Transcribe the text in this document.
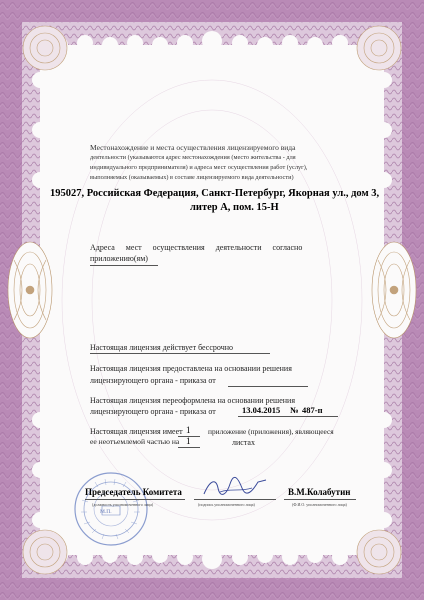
Местонахождение и места осуществления лицензируемого вида
деятельности (указываются адрес местонахождения (место жительства - для
индивидуального предпринимателя) и адреса мест осуществления работ (услуг),
выполняемых (оказываемых) в составе лицензируемого вида деятельности)
195027, Российская Федерация, Санкт-Петербург, Якорная ул., дом 3,
литер А, пом. 15-Н
Адреса мест осуществления деятельности согласно
приложению(ям)
Настоящая лицензия действует бессрочно
Настоящая лицензия предоставлена на основании решения
лицензирующего органа - приказа от
Настоящая лицензия переоформлена на основании решения
лицензирующего органа - приказа от	13.04.2015 № 487-п
Настоящая лицензия имеет 1 приложение (приложения), являющееся
ее неотъемлемой частью на 1	листах
М.П.
Председатель Комитета
(должность уполномоченного лица)	(подпись уполномоченного лица)
В.М.Колабутин
(Ф.И.О. уполномоченного лица)
